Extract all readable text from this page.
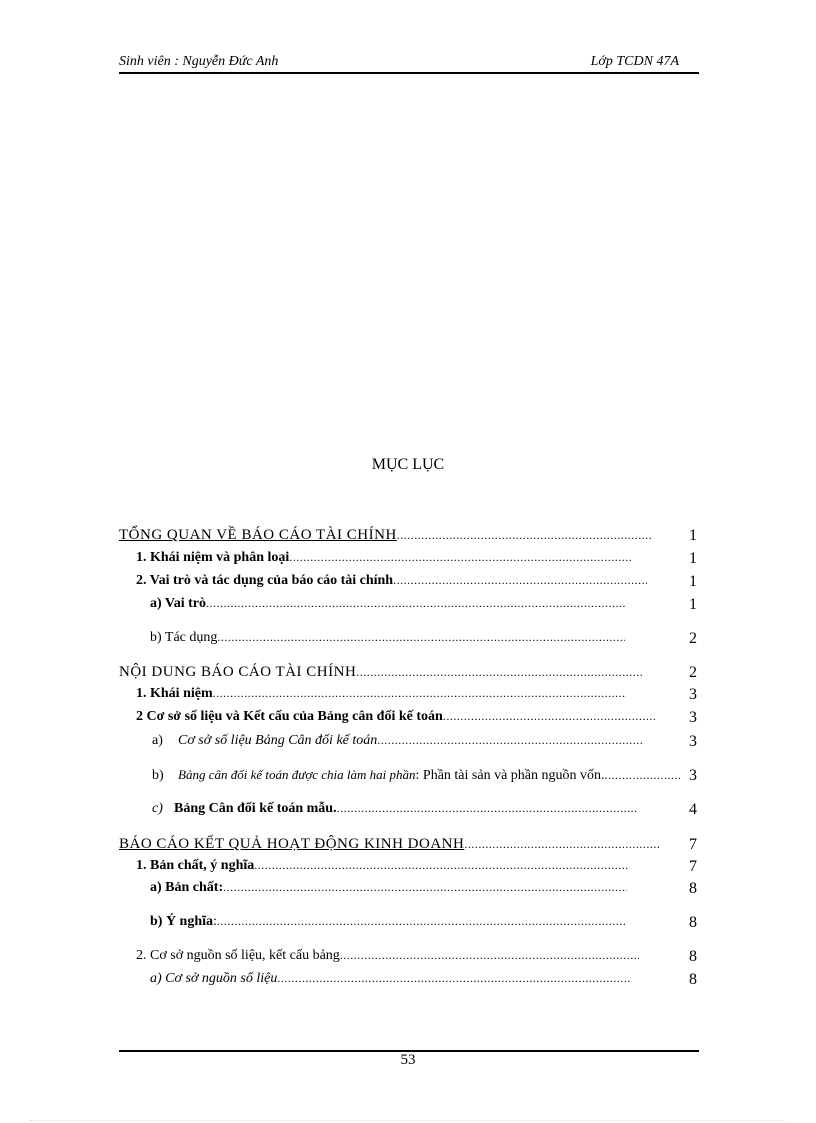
Sinh viên : Nguyễn Đức Anh	Lớp TCDN 47A
MỤC LỤC
TỔNG QUAN VỀ BÁO CÁO TÀI CHÍNH .....	1
1. Khái niệm và phân loại .....	1
2. Vai trò và tác dụng của báo cáo tài chính .....	1
a) Vai trò .....	1
b) Tác dụng .....	2
NỘI DUNG BÁO CÁO TÀI CHÍNH .....	2
1. Khái niệm .....	3
2 Cơ sở số liệu và Kết cấu của Bảng cân đối kế toán .....	3
a)	Cơ sở số liệu Bảng Cân đối kế toán .....	3
b)	Bảng cân đối kế toán được chia làm hai phần : Phần tài sản và phần nguồn vốn. .....	3
c) Bảng Cân đối kế toán mẫu. .....	4
BÁO CÁO KẾT QUẢ HOẠT ĐỘNG KINH DOANH .....	7
1. Bản chất, ý nghĩa .....	7
a) Bản chất: .....	8
b) Ý nghĩa : .....	8
2. Cơ sở nguồn số liệu, kết cấu bảng .....	8
a) Cơ sở nguồn số liệu .....	8
53
